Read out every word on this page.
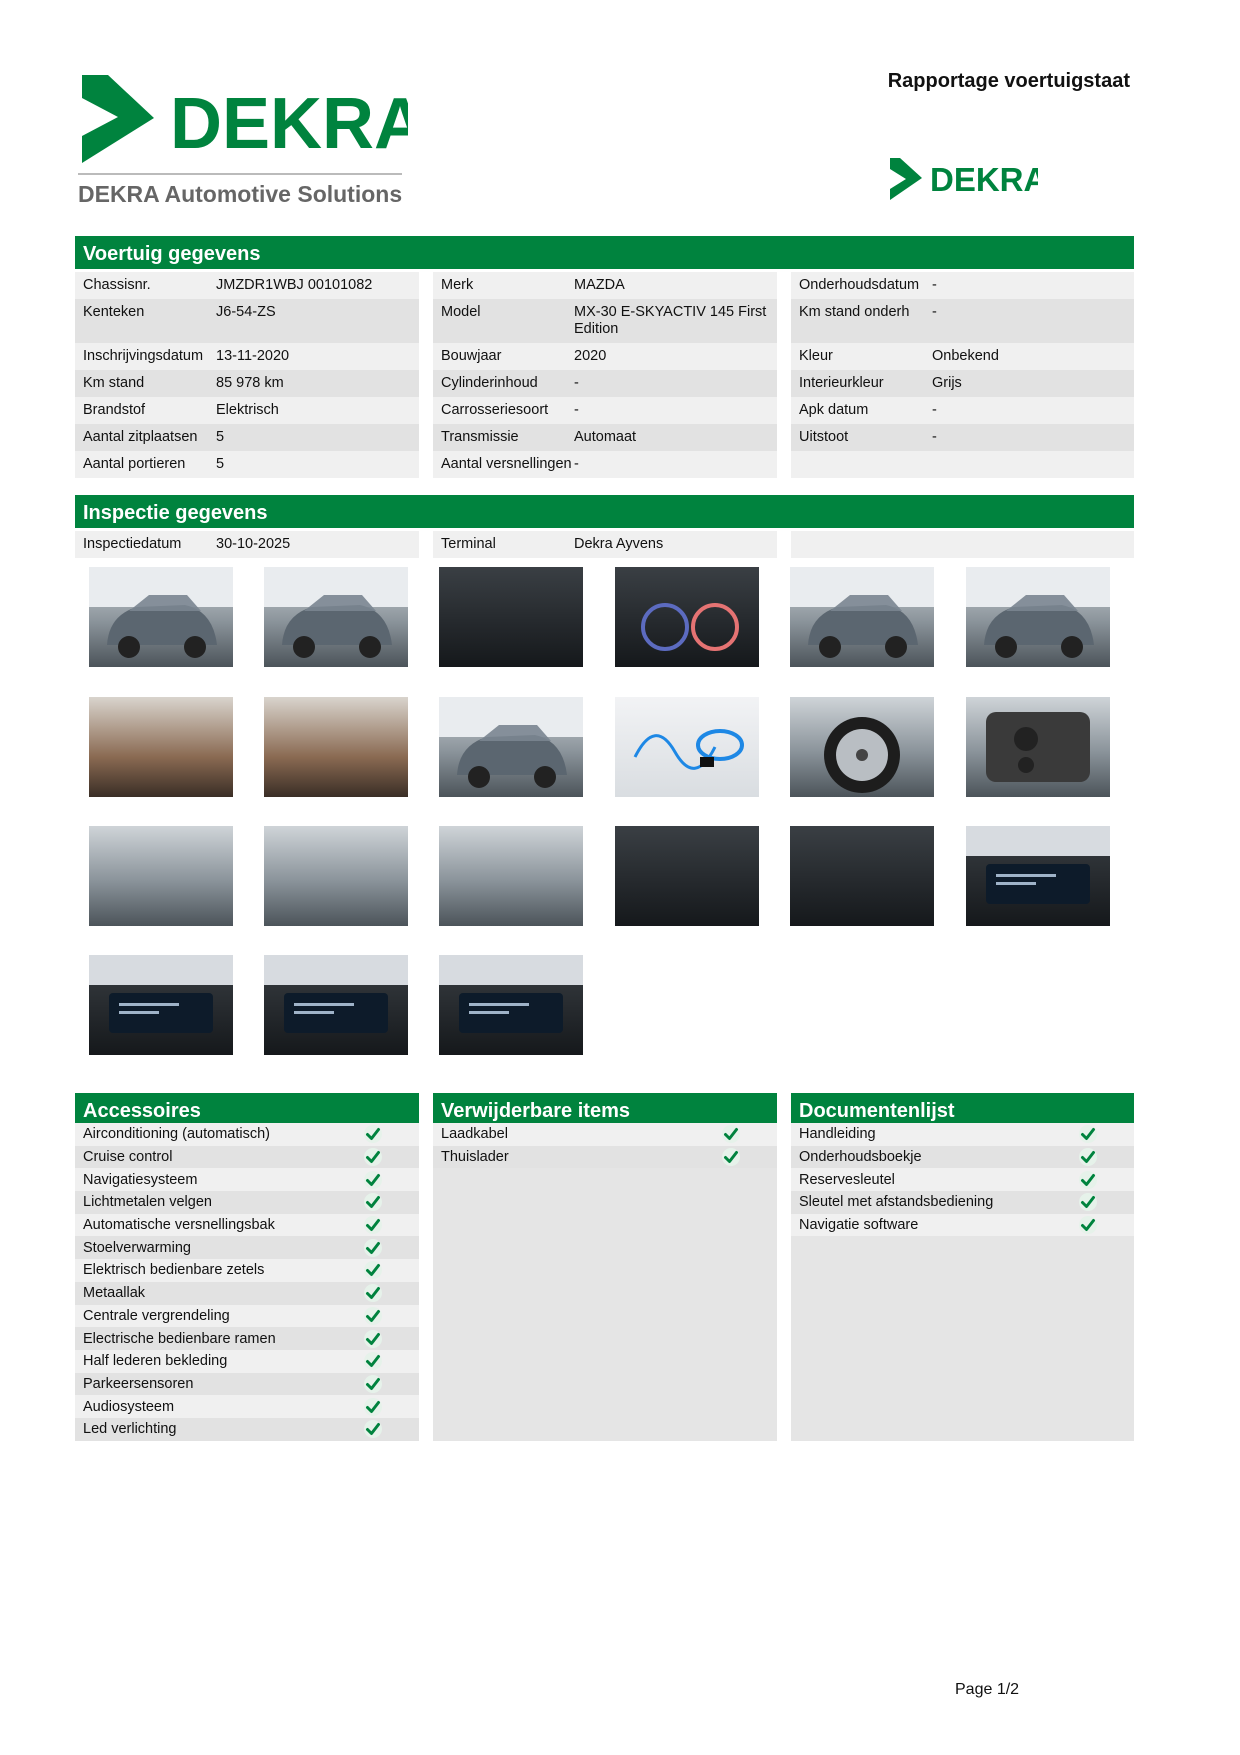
DEKRA
DEKRA Automotive Solutions
Rapportage voertuigstaat
DEKRA
Voertuig gegevens
Chassisnr.	JMZDR1WBJ 00101082
Kenteken	J6-54-ZS
Inschrijvingsdatum 13-11-2020
Km stand	85 978 km
Brandstof	Elektrisch
Aantal zitplaatsen	5
Aantal portieren	5
Merk	MAZDA
Model	MX-30 E-SKYACTIV 145 First Edition
Bouwjaar	2020
Cylinderinhoud	-
Carrosseriesoort	-
Transmissie	Automaat
Aantal versnellingen -
Onderhoudsdatum -
Km stand onderh	-
Kleur	Onbekend
Interieurkleur	Grijs
Apk datum	-
Uitstoot	-
Inspectie gegevens
Inspectiedatum	30-10-2025	Terminal	Dekra Ayvens
Accessoires
Airconditioning (automatisch)
Cruise control
Navigatiesysteem
Lichtmetalen velgen
Automatische versnellingsbak
Stoelverwarming
Elektrisch bedienbare zetels
Metaallak
Centrale vergrendeling
Electrische bedienbare ramen
Half lederen bekleding
Parkeersensoren
Audiosysteem
Led verlichting
Verwijderbare items
Laadkabel
Thuislader
Documentenlijst
Handleiding
Onderhoudsboekje
Reservesleutel
Sleutel met afstandsbediening
Navigatie software
Page 1/2
